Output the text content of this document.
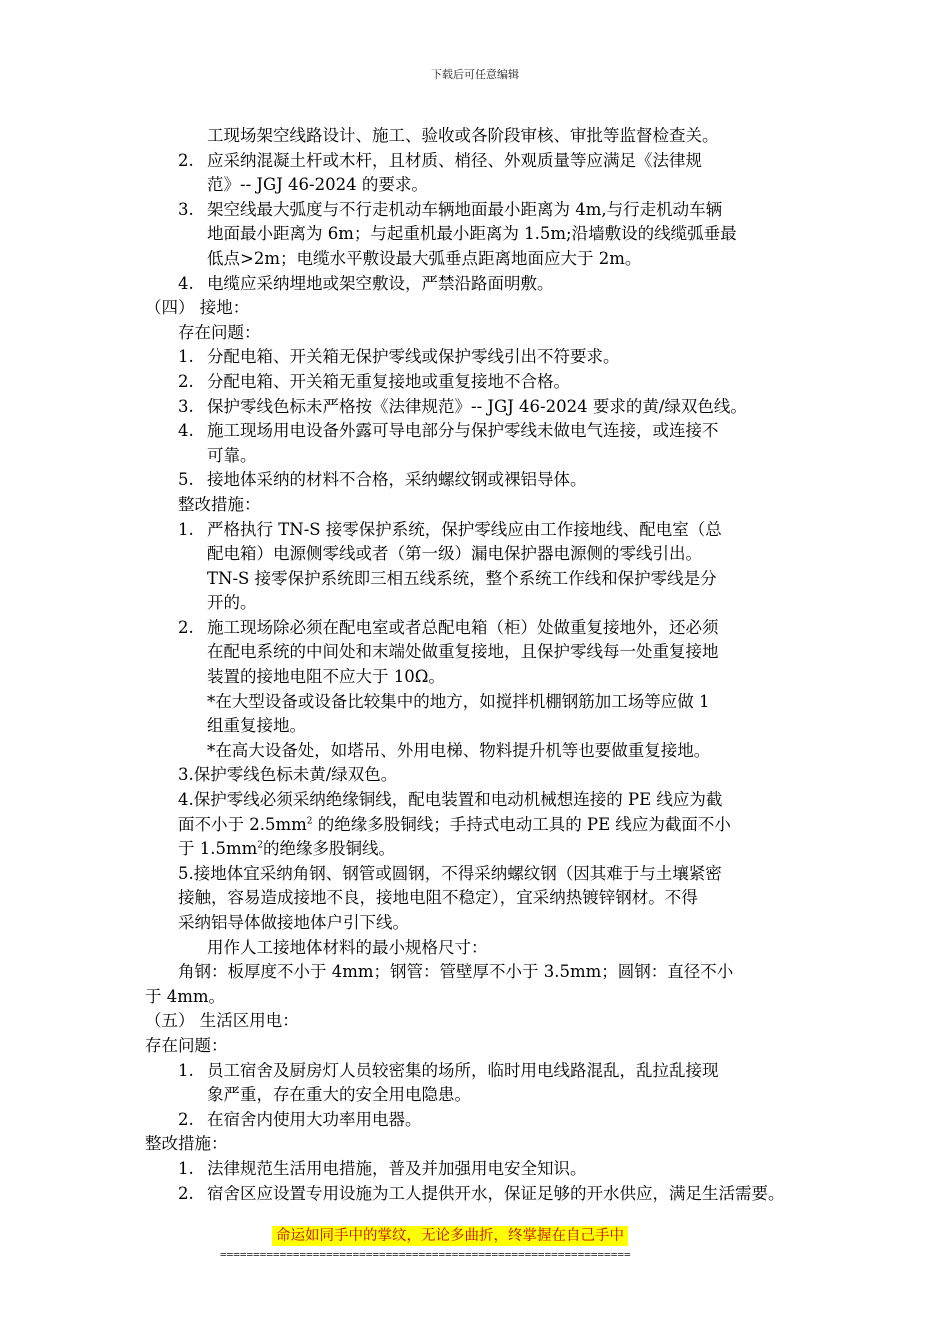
下载后可任意编辑
工现场架空线路设计、施工、验收或各阶段审核、审批等监督检查关。
2. 应采纳混凝土杆或木杆，且材质、梢径、外观质量等应满足《法律规
范》-- JGJ 46-2024 的要求。
3. 架空线最大弧度与不行走机动车辆地面最小距离为 4m,与行走机动车辆
地面最小距离为 6m；与起重机最小距离为 1.5m;沿墙敷设的线缆弧垂最
低点>2m；电缆水平敷设最大弧垂点距离地面应大于 2m。
4. 电缆应采纳埋地或架空敷设，严禁沿路面明敷。
（四） 接地：
存在问题：
1. 分配电箱、开关箱无保护零线或保护零线引出不符要求。
2. 分配电箱、开关箱无重复接地或重复接地不合格。
3. 保护零线色标未严格按《法律规范》-- JGJ 46-2024 要求的黄/绿双色线。
4. 施工现场用电设备外露可导电部分与保护零线未做电气连接，或连接不
可靠。
5. 接地体采纳的材料不合格，采纳螺纹钢或裸铝导体。
整改措施：
1. 严格执行 TN-S 接零保护系统，保护零线应由工作接地线、配电室（总
配电箱）电源侧零线或者（第一级）漏电保护器电源侧的零线引出。
TN-S 接零保护系统即三相五线系统，整个系统工作线和保护零线是分
开的。
2. 施工现场除必须在配电室或者总配电箱（柜）处做重复接地外，还必须
在配电系统的中间处和末端处做重复接地，且保护零线每一处重复接地
装置的接地电阻不应大于 10Ω。
*在大型设备或设备比较集中的地方，如搅拌机棚钢筋加工场等应做 1
组重复接地。
*在高大设备处，如塔吊、外用电梯、物料提升机等也要做重复接地。
3.保护零线色标未黄/绿双色。
4.保护零线必须采纳绝缘铜线，配电装置和电动机械想连接的 PE 线应为截
面不小于 $2.5mm^2$ 的绝缘多股铜线；手持式电动工具的 PE 线应为截面不小
于 $1.5mm^2$的绝缘多股铜线。
5.接地体宜采纳角钢、钢管或圆钢，不得采纳螺纹钢（因其难于与土壤紧密
接触，容易造成接地不良，接地电阻不稳定），宜采纳热镀锌钢材。不得
采纳铝导体做接地体户引下线。
用作人工接地体材料的最小规格尺寸：
角钢：板厚度不小于 4mm；钢管：管壁厚不小于 3.5mm；圆钢：直径不小
于 4mm。
（五） 生活区用电：
存在问题：
1. 员工宿舍及厨房灯人员较密集的场所，临时用电线路混乱，乱拉乱接现
象严重，存在重大的安全用电隐患。
2. 在宿舍内使用大功率用电器。
整改措施：
1. 法律规范生活用电措施，普及并加强用电安全知识。
2. 宿舍区应设置专用设施为工人提供开水，保证足够的开水供应，满足生活需要。
命运如同手中的掌纹，无论多曲折，终掌握在自己手中
==============================================================
